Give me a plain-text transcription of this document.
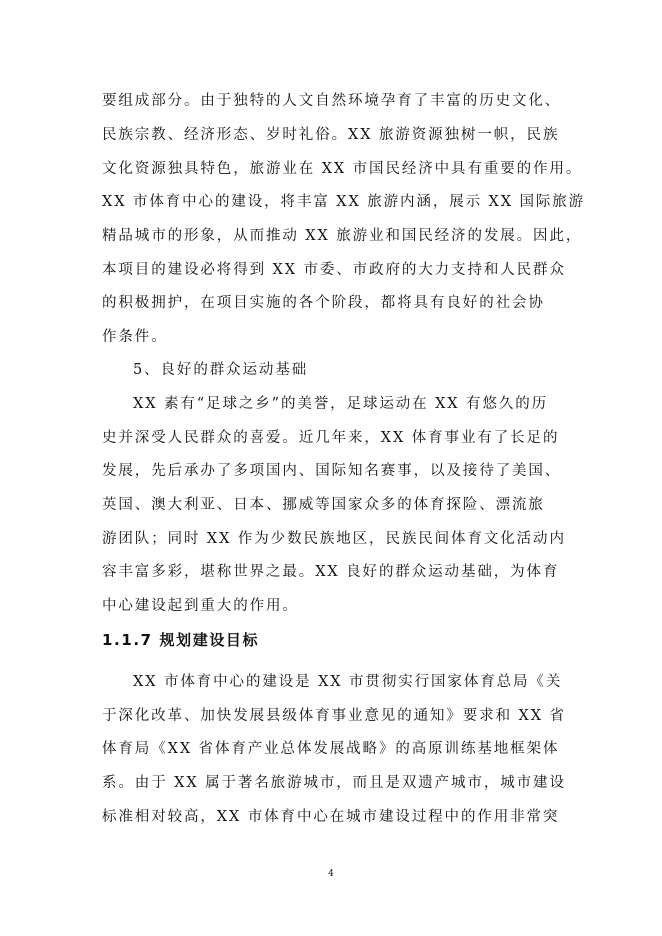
要组成部分。由于独特的人文自然环境孕育了丰富的历史文化、
民族宗教、经济形态、岁时礼俗。XX 旅游资源独树一帜，民族
文化资源独具特色，旅游业在 XX 市国民经济中具有重要的作用。
XX 市体育中心的建设，将丰富 XX 旅游内涵，展示 XX 国际旅游
精品城市的形象，从而推动 XX 旅游业和国民经济的发展。因此，
本项目的建设必将得到 XX 市委、市政府的大力支持和人民群众
的积极拥护，在项目实施的各个阶段，都将具有良好的社会协
作条件。
5、良好的群众运动基础
XX 素有“足球之乡”的美誉，足球运动在 XX 有悠久的历
史并深受人民群众的喜爱。近几年来，XX 体育事业有了长足的
发展，先后承办了多项国内、国际知名赛事，以及接待了美国、
英国、澳大利亚、日本、挪威等国家众多的体育探险、漂流旅
游团队；同时 XX 作为少数民族地区，民族民间体育文化活动内
容丰富多彩，堪称世界之最。XX 良好的群众运动基础，为体育
中心建设起到重大的作用。
1.1.7 规划建设目标
XX 市体育中心的建设是 XX 市贯彻实行国家体育总局《关
于深化改革、加快发展县级体育事业意见的通知》要求和 XX 省
体育局《XX 省体育产业总体发展战略》的高原训练基地框架体
系。由于 XX 属于著名旅游城市，而且是双遗产城市，城市建设
标准相对较高，XX 市体育中心在城市建设过程中的作用非常突
4
